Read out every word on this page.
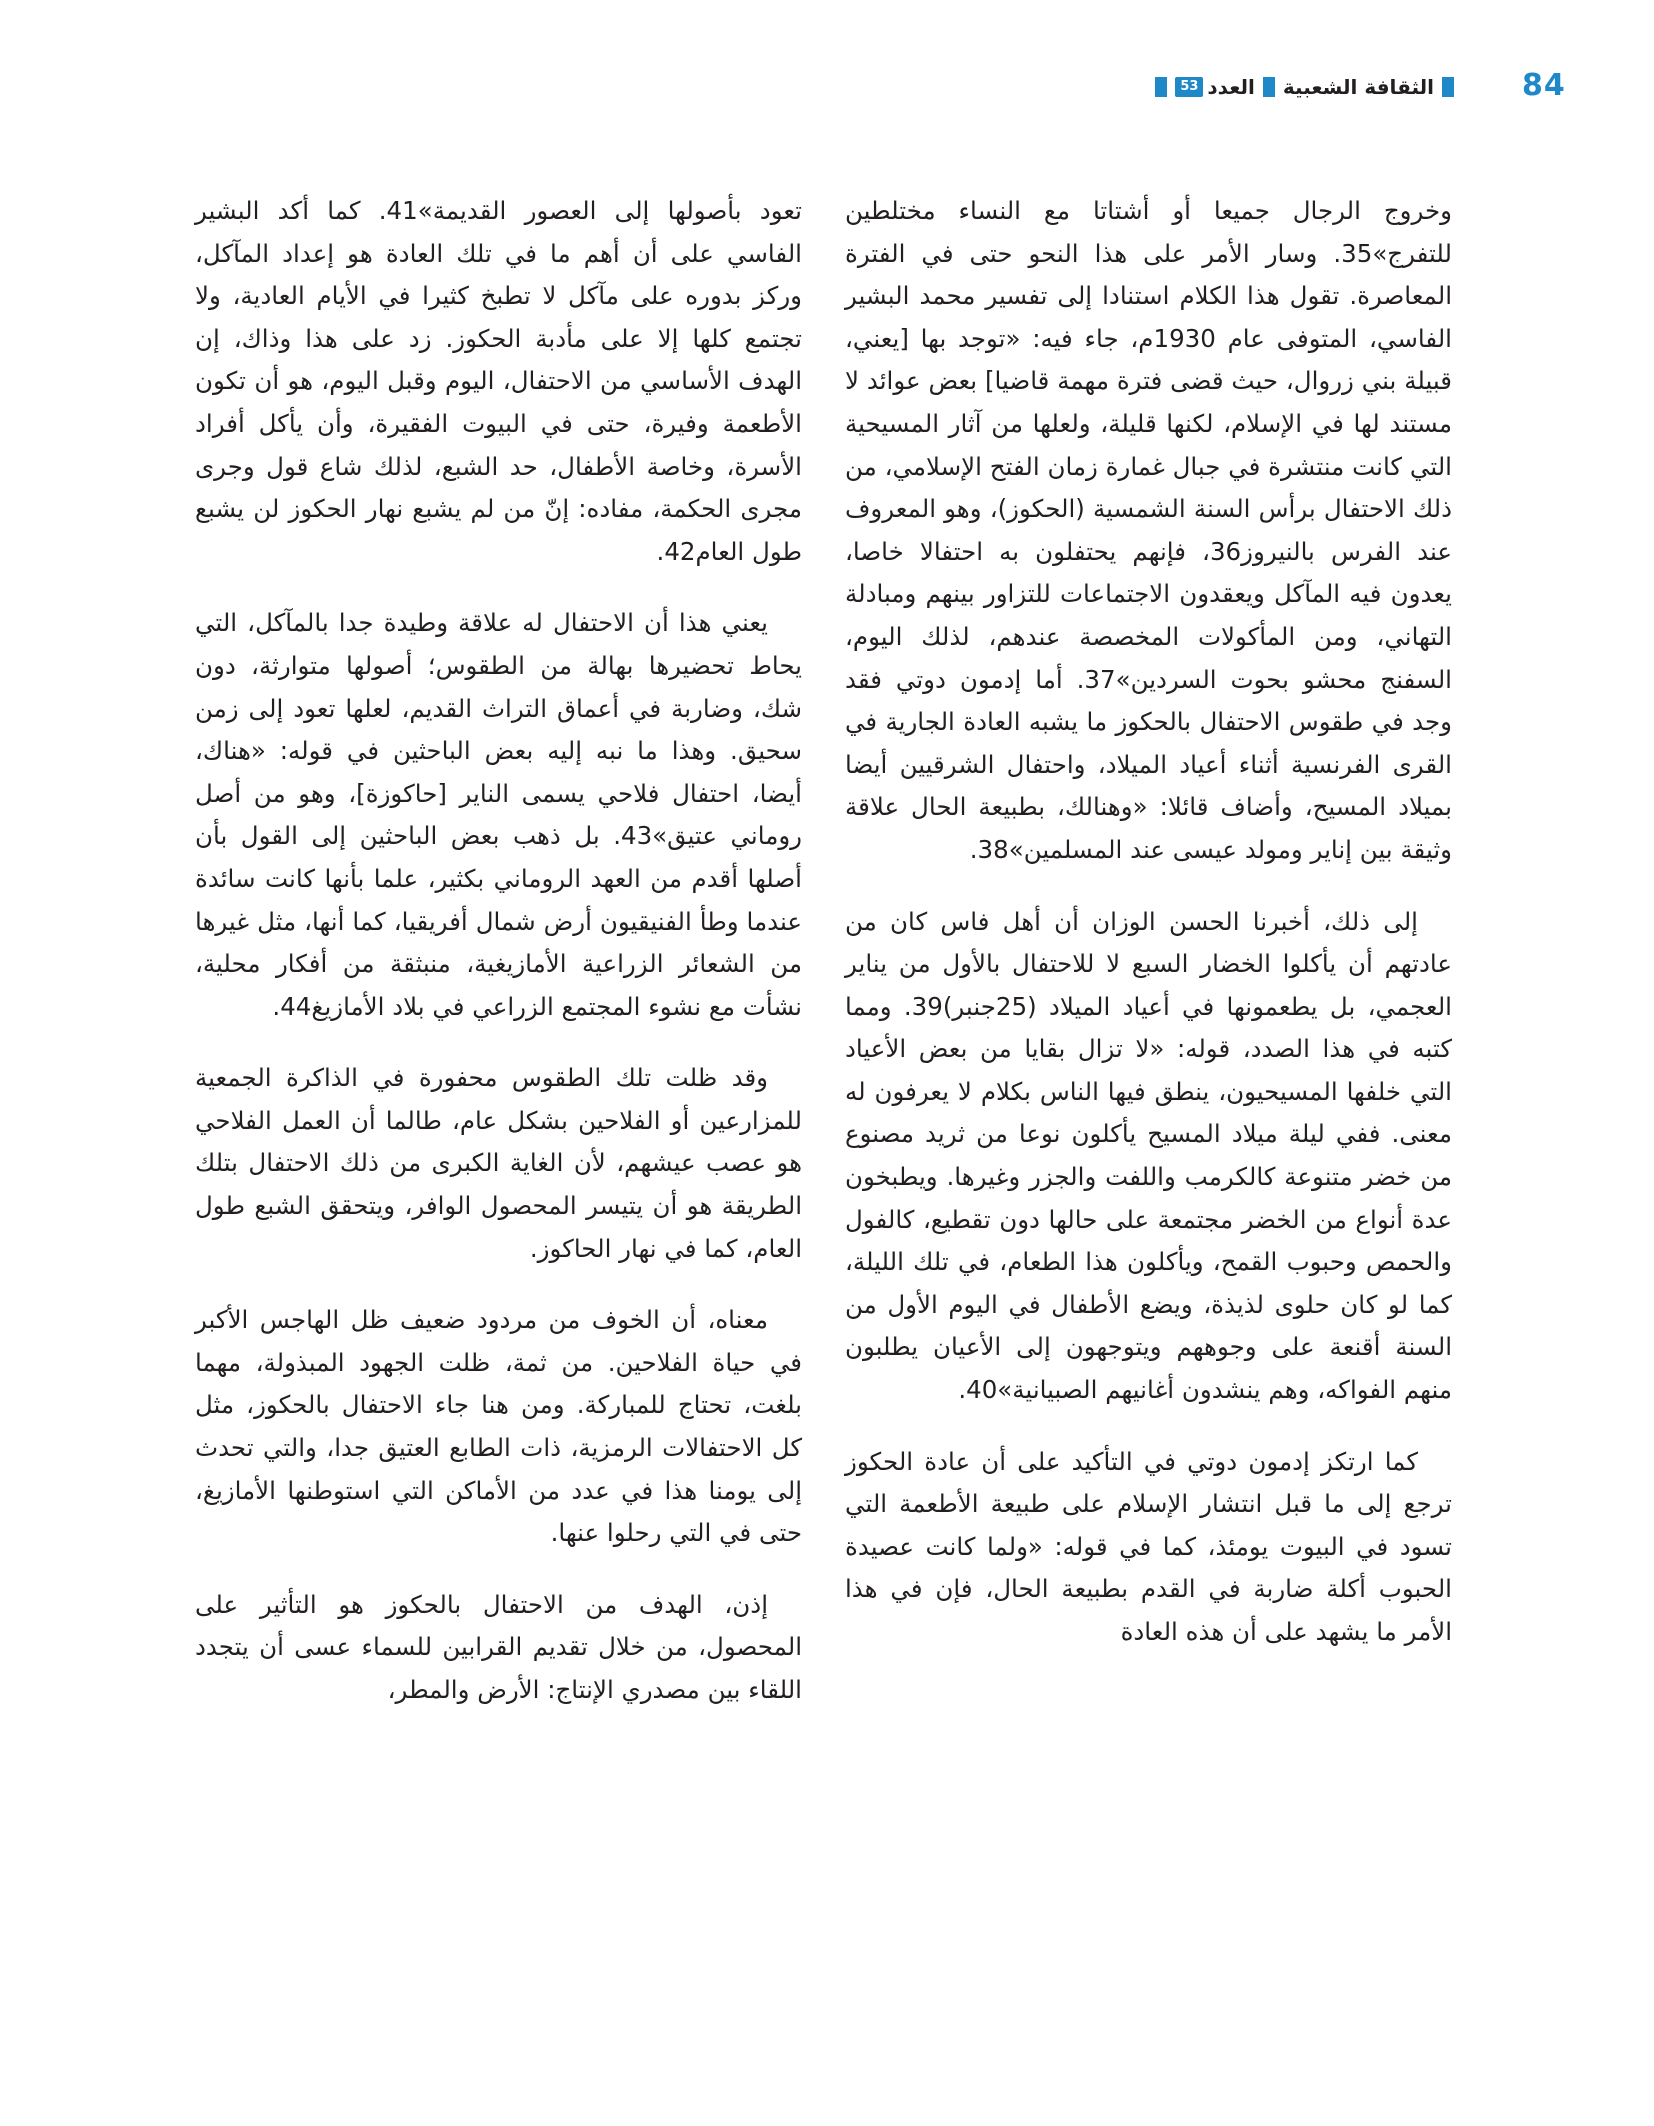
84
الثقافة الشعبية
العدد
53

وخروج الرجال جميعا أو أشتاتا مع النساء مختلطين للتفرج»35. وسار الأمر على هذا النحو حتى في الفترة المعاصرة. تقول هذا الكلام استنادا إلى تفسير محمد البشير الفاسي، المتوفى عام 1930م، جاء فيه: «توجد بها [يعني، قبيلة بني زروال، حيث قضى فترة مهمة قاضيا] بعض عوائد لا مستند لها في الإسلام، لكنها قليلة، ولعلها من آثار المسيحية التي كانت منتشرة في جبال غمارة زمان الفتح الإسلامي، من ذلك الاحتفال برأس السنة الشمسية (الحكوز)، وهو المعروف عند الفرس بالنيروز36، فإنهم يحتفلون به احتفالا خاصا، يعدون فيه المآكل ويعقدون الاجتماعات للتزاور بينهم ومبادلة التهاني، ومن المأكولات المخصصة عندهم، لذلك اليوم، السفنج محشو بحوت السردين»37. أما إدمون دوتي فقد وجد في طقوس الاحتفال بالحكوز ما يشبه العادة الجارية في القرى الفرنسية أثناء أعياد الميلاد، واحتفال الشرقيين أيضا بميلاد المسيح، وأضاف قائلا: «وهنالك، بطبيعة الحال علاقة وثيقة بين إناير ومولد عيسى عند المسلمين»38.

إلى ذلك، أخبرنا الحسن الوزان أن أهل فاس كان من عادتهم أن يأكلوا الخضار السبع لا للاحتفال بالأول من يناير العجمي، بل يطعمونها في أعياد الميلاد (25جنبر)39. ومما كتبه في هذا الصدد، قوله: «لا تزال بقايا من بعض الأعياد التي خلفها المسيحيون، ينطق فيها الناس بكلام لا يعرفون له معنى. ففي ليلة ميلاد المسيح يأكلون نوعا من ثريد مصنوع من خضر متنوعة كالكرمب واللفت والجزر وغيرها. ويطبخون عدة أنواع من الخضر مجتمعة على حالها دون تقطيع، كالفول والحمص وحبوب القمح، ويأكلون هذا الطعام، في تلك الليلة، كما لو كان حلوى لذيذة، ويضع الأطفال في اليوم الأول من السنة أقنعة على وجوههم ويتوجهون إلى الأعيان يطلبون منهم الفواكه، وهم ينشدون أغانيهم الصبيانية»40.

كما ارتكز إدمون دوتي في التأكيد على أن عادة الحكوز ترجع إلى ما قبل انتشار الإسلام على طبيعة الأطعمة التي تسود في البيوت يومئذ، كما في قوله: «ولما كانت عصيدة الحبوب أكلة ضاربة في القدم بطبيعة الحال، فإن في هذا الأمر ما يشهد على أن هذه العادة

تعود بأصولها إلى العصور القديمة»41. كما أكد البشير الفاسي على أن أهم ما في تلك العادة هو إعداد المآكل، وركز بدوره على مآكل لا تطبخ كثيرا في الأيام العادية، ولا تجتمع كلها إلا على مأدبة الحكوز. زد على هذا وذاك، إن الهدف الأساسي من الاحتفال، اليوم وقبل اليوم، هو أن تكون الأطعمة وفيرة، حتى في البيوت الفقيرة، وأن يأكل أفراد الأسرة، وخاصة الأطفال، حد الشبع، لذلك شاع قول وجرى مجرى الحكمة، مفاده: إنّ من لم يشبع نهار الحكوز لن يشبع طول العام42.

يعني هذا أن الاحتفال له علاقة وطيدة جدا بالمآكل، التي يحاط تحضيرها بهالة من الطقوس؛ أصولها متوارثة، دون شك، وضاربة في أعماق التراث القديم، لعلها تعود إلى زمن سحيق. وهذا ما نبه إليه بعض الباحثين في قوله: «هناك، أيضا، احتفال فلاحي يسمى الناير [حاكوزة]، وهو من أصل روماني عتيق»43. بل ذهب بعض الباحثين إلى القول بأن أصلها أقدم من العهد الروماني بكثير، علما بأنها كانت سائدة عندما وطأ الفنيقيون أرض شمال أفريقيا، كما أنها، مثل غيرها من الشعائر الزراعية الأمازيغية، منبثقة من أفكار محلية، نشأت مع نشوء المجتمع الزراعي في بلاد الأمازيغ44.

وقد ظلت تلك الطقوس محفورة في الذاكرة الجمعية للمزارعين أو الفلاحين بشكل عام، طالما أن العمل الفلاحي هو عصب عيشهم، لأن الغاية الكبرى من ذلك الاحتفال بتلك الطريقة هو أن يتيسر المحصول الوافر، ويتحقق الشبع طول العام، كما في نهار الحاكوز.

معناه، أن الخوف من مردود ضعيف ظل الهاجس الأكبر في حياة الفلاحين. من ثمة، ظلت الجهود المبذولة، مهما بلغت، تحتاج للمباركة. ومن هنا جاء الاحتفال بالحكوز، مثل كل الاحتفالات الرمزية، ذات الطابع العتيق جدا، والتي تحدث إلى يومنا هذا في عدد من الأماكن التي استوطنها الأمازيغ، حتى في التي رحلوا عنها.

إذن، الهدف من الاحتفال بالحكوز هو التأثير على المحصول، من خلال تقديم القرابين للسماء عسى أن يتجدد اللقاء بين مصدري الإنتاج: الأرض والمطر،
